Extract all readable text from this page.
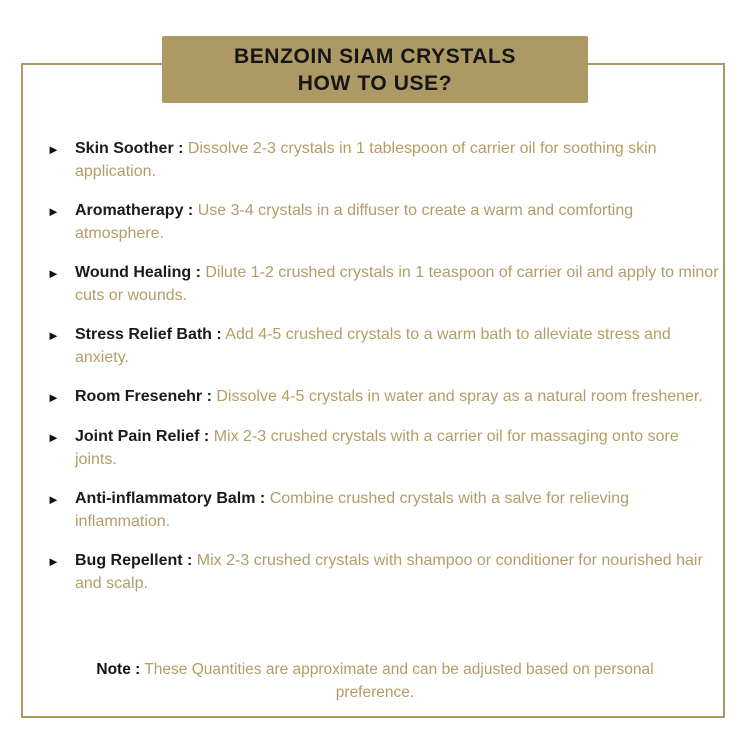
BENZOIN SIAM CRYSTALS
HOW TO USE?
► Skin Soother : Dissolve 2-3 crystals in 1 tablespoon of carrier oil for soothing skin application.

► Aromatherapy : Use 3-4 crystals in a diffuser to create a warm and comforting atmosphere.

► Wound Healing : Dilute 1-2 crushed crystals in 1 teaspoon of carrier oil and apply to minor cuts or wounds.

► Stress Relief Bath : Add 4-5 crushed crystals to a warm bath to alleviate stress and anxiety.

► Room Fresenehr : Dissolve 4-5 crystals in water and spray as a natural room freshener.

► Joint Pain Relief : Mix 2-3 crushed crystals with a carrier oil for massaging onto sore joints.

► Anti-inflammatory Balm : Combine crushed crystals with a salve for relieving inflammation.

► Bug Repellent : Mix 2-3 crushed crystals with shampoo or conditioner for nourished hair and scalp.

Note : These Quantities are approximate and can be adjusted based on personal preference.
